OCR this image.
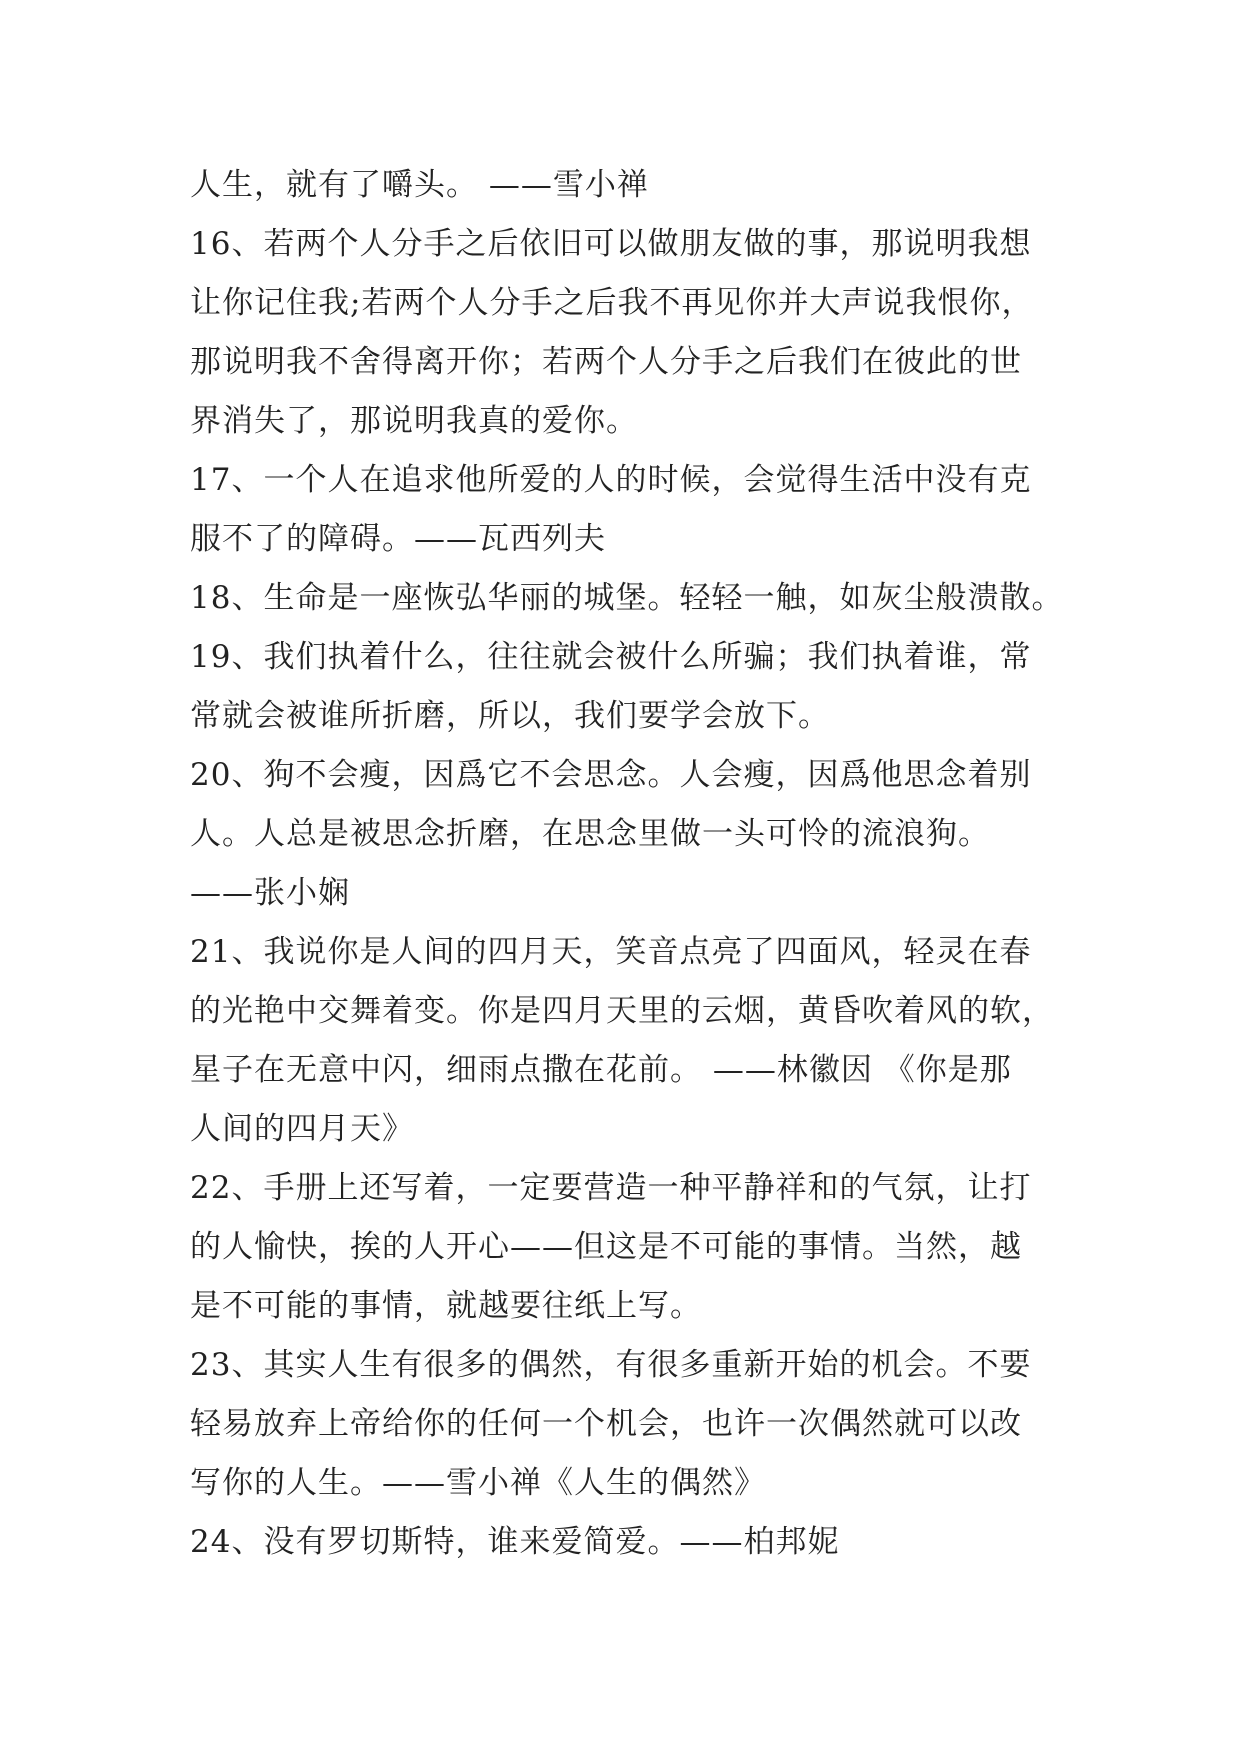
人生，就有了嚼头。 ——雪小禅
16、若两个人分手之后依旧可以做朋友做的事，那说明我想
让你记住我;若两个人分手之后我不再见你并大声说我恨你，
那说明我不舍得离开你；若两个人分手之后我们在彼此的世
界消失了，那说明我真的爱你。
17、一个人在追求他所爱的人的时候，会觉得生活中没有克
服不了的障碍。——瓦西列夫
18、生命是一座恢弘华丽的城堡。轻轻一触，如灰尘般溃散。
19、我们执着什么，往往就会被什么所骗；我们执着谁，常
常就会被谁所折磨，所以，我们要学会放下。
20、狗不会瘦，因爲它不会思念。人会瘦，因爲他思念着别
人。人总是被思念折磨，在思念里做一头可怜的流浪狗。
——张小娴
21、我说你是人间的四月天，笑音点亮了四面风，轻灵在春
的光艳中交舞着变。你是四月天里的云烟，黄昏吹着风的软，
星子在无意中闪，细雨点撒在花前。 ——林徽因 《你是那
人间的四月天》
22、手册上还写着，一定要营造一种平静祥和的气氛，让打
的人愉快，挨的人开心——但这是不可能的事情。当然，越
是不可能的事情，就越要往纸上写。
23、其实人生有很多的偶然，有很多重新开始的机会。不要
轻易放弃上帝给你的任何一个机会，也许一次偶然就可以改
写你的人生。——雪小禅《人生的偶然》
24、没有罗切斯特，谁来爱简爱。——柏邦妮
